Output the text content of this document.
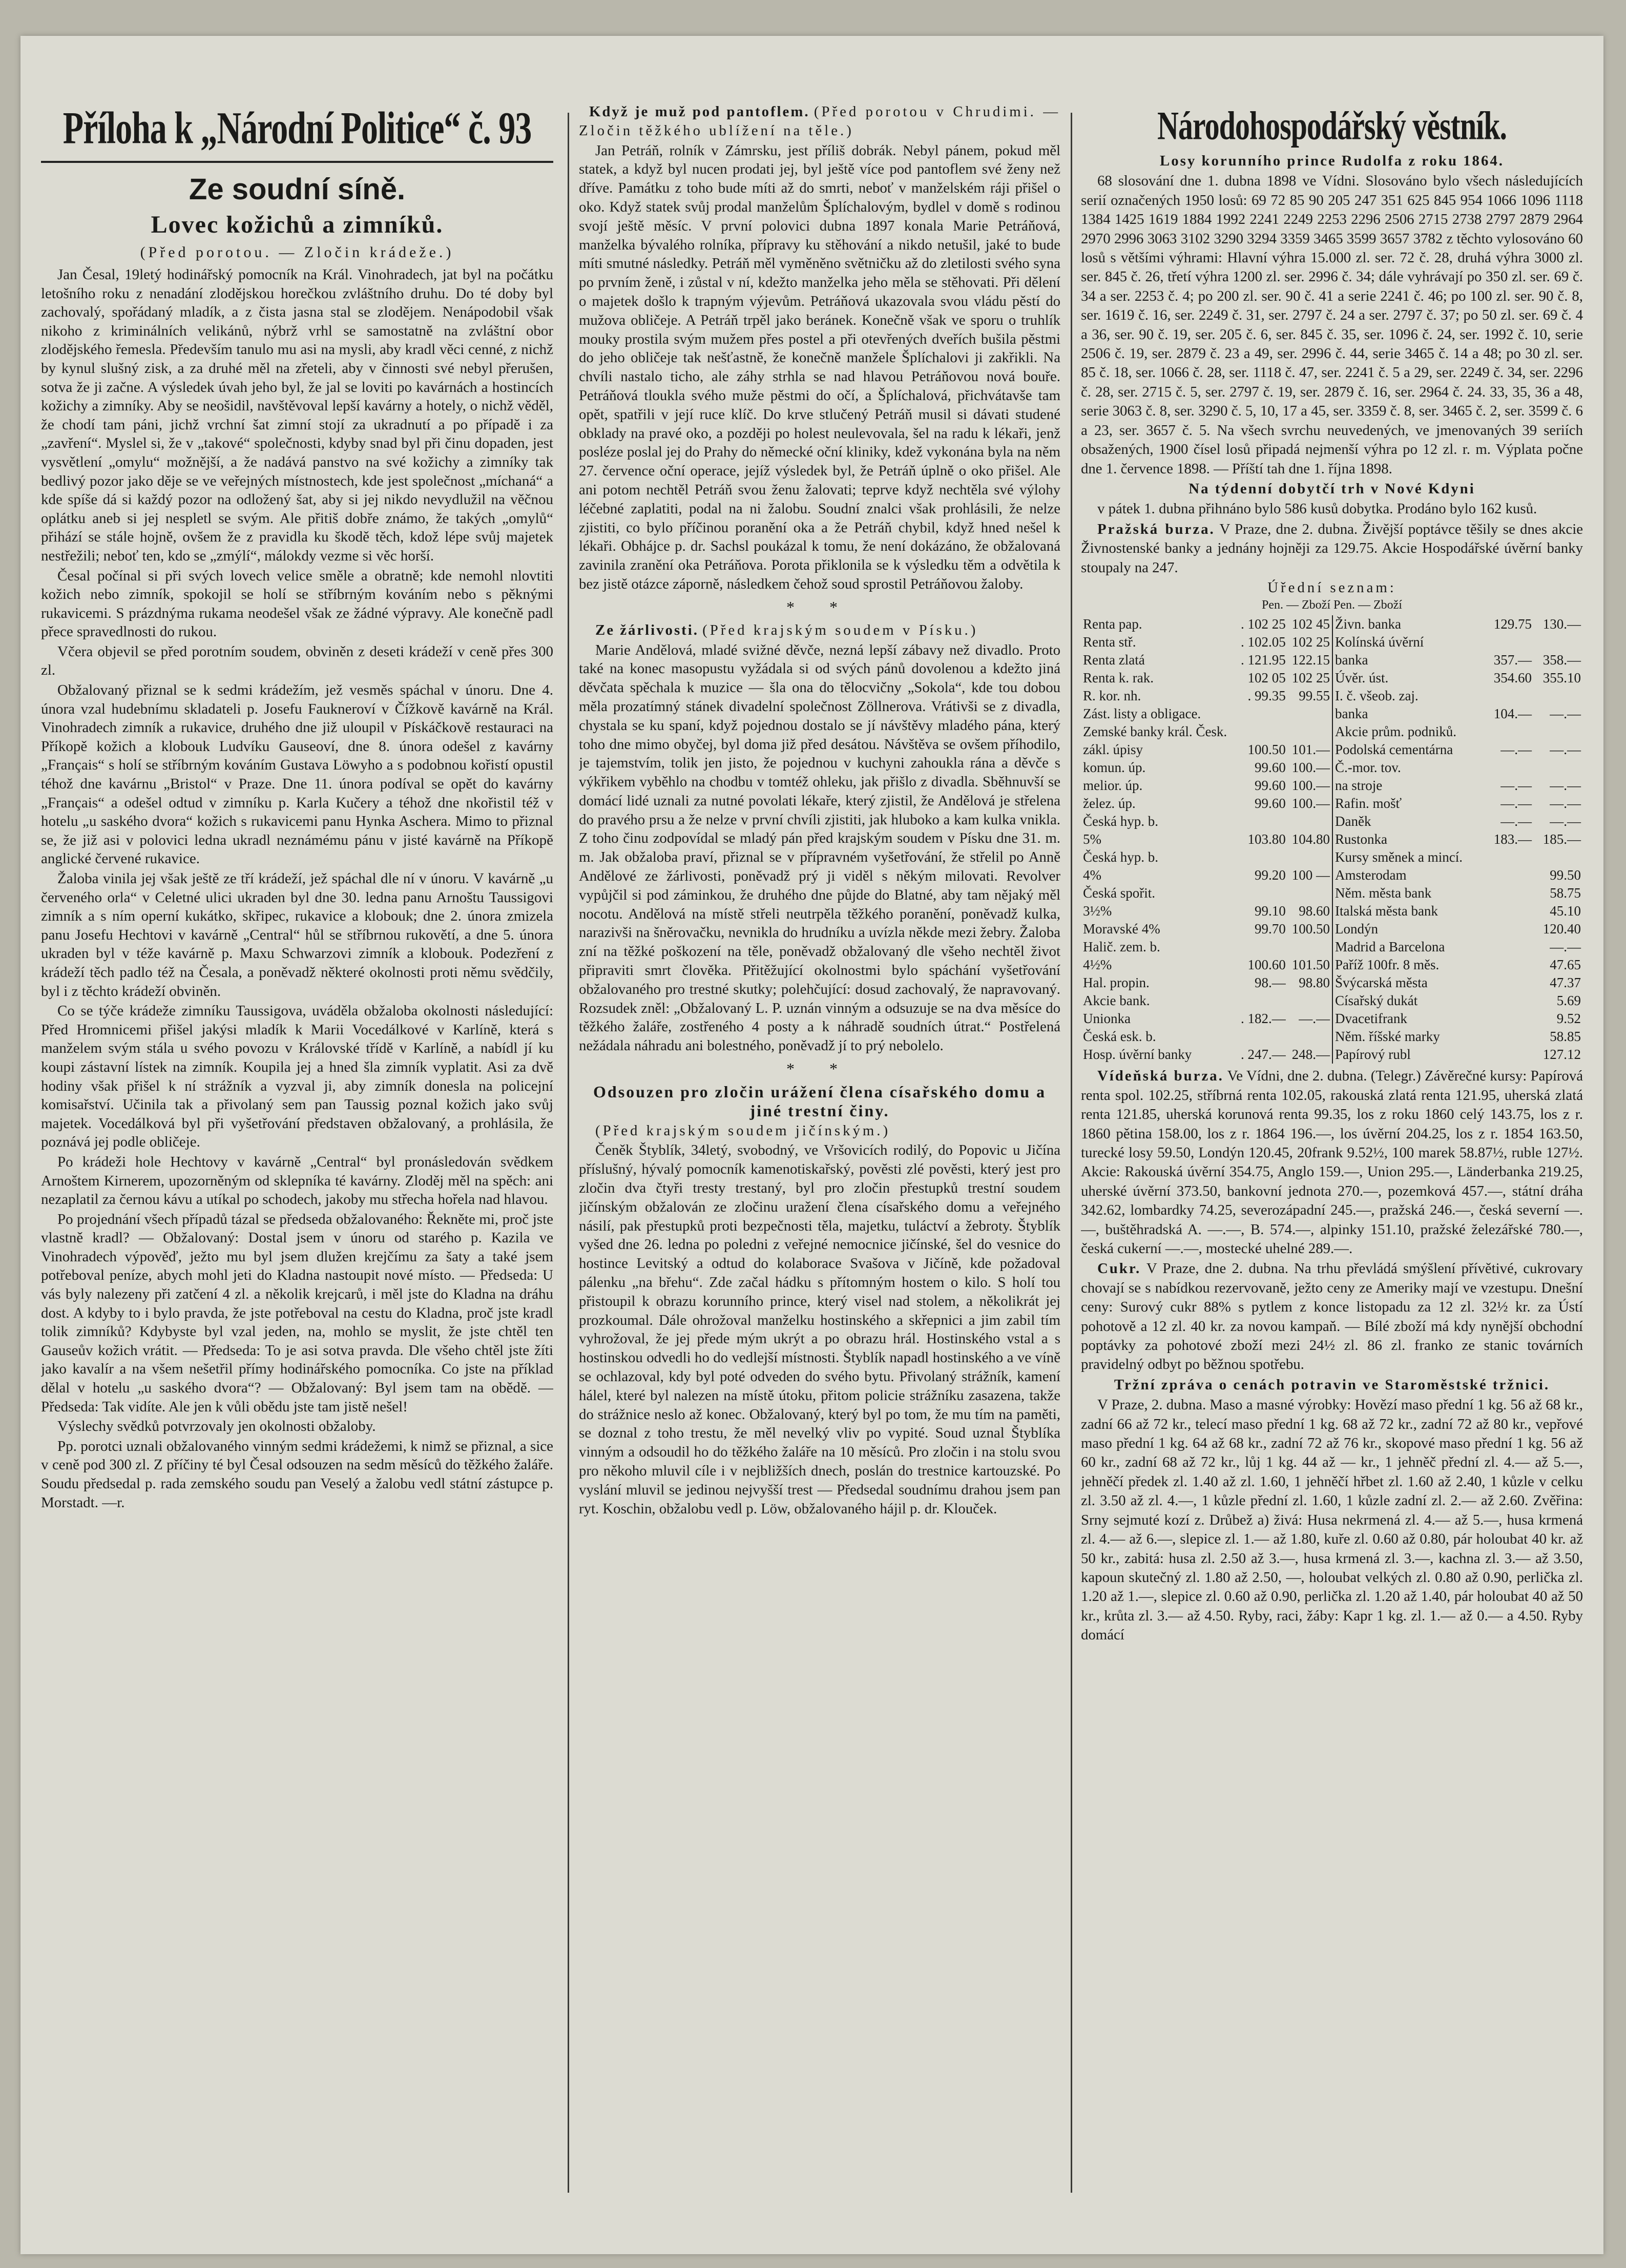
Příloha k „Národní Politice“ č. 93
Ze soudní síně.
Lovec kožichů a zimníků.
(Před porotou. — Zločin krádeže.)

Jan Česal, 19letý hodinářský pomocník na Král. Vinohradech, jat byl na počátku letošního roku z nenadání zlodějskou horečkou zvláštního druhu. Do té doby byl zachovalý, spořádaný mladík, a z čista jasna stal se zlodějem. Nenápodobil však nikoho z kriminálních velikánů, nýbrž vrhl se samostatně na zvláštní obor zlodějského řemesla. Především tanulo mu asi na mysli, aby kradl věci cenné, z nichž by kynul slušný zisk, a za druhé měl na zřeteli, aby v činnosti své nebyl přerušen, sotva že ji začne. A výsledek úvah jeho byl, že jal se loviti po kavárnách a hostincích kožichy a zimníky. Aby se neošidil, navštěvoval lepší kavárny a hotely, o nichž věděl, že chodí tam páni, jichž vrchní šat zimní stojí za ukradnutí a po případě i za „zavření“. Myslel si, že v „takové“ společnosti, kdyby snad byl při činu dopaden, jest vysvětlení „omylu“ možnější, a že nadává panstvo na své kožichy a zimníky tak bedlivý pozor jako děje se ve veřejných místnostech, kde jest společnost „míchaná“ a kde spíše dá si každý pozor na odložený šat, aby si jej nikdo nevydlužil na věčnou oplátku aneb si jej nespletl se svým. Ale přitiš dobře známo, že takých „omylů“ přihází se stále hojně, ovšem že z pravidla ku škodě těch, kdož lépe svůj majetek nestřežili; neboť ten, kdo se „zmýlí“, málokdy vezme si věc horší.

Česal počínal si při svých lovech velice směle a obratně; kde nemohl nlovtiti kožich nebo zimník, spokojil se holí se stříbrným kováním nebo s pěknými rukavicemi. S prázdnýma rukama neodešel však ze žádné výpravy. Ale konečně padl přece spravedlnosti do rukou.

Včera objevil se před porotním soudem, obviněn z deseti krádeží v ceně přes 300 zl.

Obžalovaný přiznal se k sedmi krádežím, jež vesměs spáchal v únoru. Dne 4. února vzal hudebnímu skladateli p. Josefu Faukneroví v Čížkově kavárně na Král. Vinohradech zimník a rukavice, druhého dne již uloupil v Pískáčkově restauraci na Příkopě kožich a klobouk Ludvíku Gauseoví, dne 8. února odešel z kavárny „Français“ s holí se stříbrným kováním Gustava Löwyho a s podobnou kořistí opustil téhož dne kavárnu „Bristol“ v Praze. Dne 11. února podíval se opět do kavárny „Français“ a odešel odtud v zimníku p. Karla Kučery a téhož dne nkořistil též v hotelu „u saského dvora“ kožich s rukavicemi panu Hynka Aschera. Mimo to přiznal se, že již asi v polovici ledna ukradl neznámému pánu v jisté kavárně na Příkopě anglické červené rukavice.

Žaloba vinila jej však ještě ze tří krádeží, jež spáchal dle ní v únoru. V kavárně „u červeného orla“ v Celetné ulici ukraden byl dne 30. ledna panu Arnoštu Taussigovi zimník a s ním operní kukátko, skřipec, rukavice a klobouk; dne 2. února zmizela panu Josefu Hechtovi v kavárně „Central“ hůl se stříbrnou rukovětí, a dne 5. února ukraden byl v téže kavárně p. Maxu Schwarzovi zimník a klobouk. Podezření z krádeží těch padlo též na Česala, a poněvadž některé okolnosti proti němu svědčily, byl i z těchto krádeží obviněn.

Co se týče krádeže zimníku Taussigova, uváděla obžaloba okolnosti následující: Před Hromnicemi přišel jakýsi mladík k Marii Vocedálkové v Karlíně, která s manželem svým stála u svého povozu v Královské třídě v Karlíně, a nabídl jí ku koupi zástavní lístek na zimník. Koupila jej a hned šla zimník vyplatit. Asi za dvě hodiny však přišel k ní strážník a vyzval ji, aby zimník donesla na policejní komisařství. Učinila tak a přivolaný sem pan Taussig poznal kožich jako svůj majetek. Vocedálková byl při vyšetřování představen obžalovaný, a prohlásila, že poznává jej podle obličeje.

Po krádeži hole Hechtovy v kavárně „Central“ byl pronásledován svědkem Arnoštem Kirnerem, upozorněným od sklepníka té kavárny. Zloděj měl na spěch: ani nezaplatil za černou kávu a utíkal po schodech, jakoby mu střecha hořela nad hlavou.

Po projednání všech případů tázal se předseda obžalovaného: Řekněte mi, proč jste vlastně kradl? — Obžalovaný: Dostal jsem v únoru od starého p. Kazila ve Vinohradech výpověď, ježto mu byl jsem dlužen krejčímu za šaty a také jsem potřeboval peníze, abych mohl jeti do Kladna nastoupit nové místo. — Předseda: U vás byly nalezeny při zatčení 4 zl. a několik krejcarů, i měl jste do Kladna na dráhu dost. A kdyby to i bylo pravda, že jste potřeboval na cestu do Kladna, proč jste kradl tolik zimníků? Kdybyste byl vzal jeden, na, mohlo se myslit, že jste chtěl ten Gauseův kožich vrátit. — Předseda: To je asi sotva pravda. Dle všeho chtěl jste žíti jako kavalír a na všem nešetřil přímy hodinářského pomocníka. Co jste na příklad dělal v hotelu „u saského dvora“? — Obžalovaný: Byl jsem tam na obědě. — Předseda: Tak vidíte. Ale jen k vůli obědu jste tam jistě nešel!

Výslechy svědků potvrzovaly jen okolnosti obžaloby.

Pp. porotci uznali obžalovaného vinným sedmi krádežemi, k nimž se přiznal, a sice v ceně pod 300 zl. Z příčiny té byl Česal odsouzen na sedm měsíců do těžkého žaláře. Soudu předsedal p. rada zemského soudu pan Veselý a žalobu vedl státní zástupce p. Morstadt. —r.

Když je muž pod pantoflem. (Před porotou v Chrudimi. — Zločin těžkého ublížení na těle.)

Jan Petráň, rolník v Zámrsku, jest příliš dobrák. Nebyl pánem, pokud měl statek, a když byl nucen prodati jej, byl ještě více pod pantoflem své ženy než dříve. Památku z toho bude míti až do smrti, neboť v manželském ráji přišel o oko. Když statek svůj prodal manželům Šplíchalovým, bydlel v domě s rodinou svojí ještě měsíc. V první polovici dubna 1897 konala Marie Petráňová, manželka bývalého rolníka, přípravy ku stěhování a nikdo netušil, jaké to bude míti smutné následky. Petráň měl vyměněno světničku až do zletilosti svého syna po prvním ženě, i zůstal v ní, kdežto manželka jeho měla se stěhovati. Při dělení o majetek došlo k trapným výjevům. Petráňová ukazovala svou vládu pěstí do mužova obličeje. A Petráň trpěl jako beránek. Konečně však ve sporu o truhlík mouky prostila svým mužem přes postel a při otevřených dveřích bušila pěstmi do jeho obličeje tak nešťastně, že konečně manžele Šplíchalovi ji zakřikli. Na chvíli nastalo ticho, ale záhy strhla se nad hlavou Petráňovou nová bouře. Petráňová tloukla svého muže pěstmi do očí, a Šplíchalová, přichvátavše tam opět, spatřili v její ruce klíč. Do krve stlučený Petráň musil si dávati studené obklady na pravé oko, a později po holest neulevovala, šel na radu k lékaři, jenž posléze poslal jej do Prahy do německé oční kliniky, kdež vykonána byla na něm 27. července oční operace, jejíž výsledek byl, že Petráň úplně o oko přišel. Ale ani potom nechtěl Petráň svou ženu žalovati; teprve když nechtěla své výlohy léčebné zaplatiti, podal na ni žalobu. Soudní znalci však prohlásili, že nelze zjistiti, co bylo příčinou poranění oka a že Petráň chybil, když hned nešel k lékaři. Obhájce p. dr. Sachsl poukázal k tomu, že není dokázáno, že obžalovaná zavinila zranění oka Petráňova. Porota přiklonila se k výsledku těm a odvětila k bez jistě otázce záporně, následkem čehož soud sprostil Petráňovou žaloby.

* *

Ze žárlivosti. (Před krajským soudem v Písku.)

Marie Andělová, mladé svižné děvče, nezná lepší zábavy než divadlo. Proto také na konec masopustu vyžádala si od svých pánů dovolenou a kdežto jiná děvčata spěchala k muzice — šla ona do tělocvičny „Sokola“, kde tou dobou měla prozatímný stánek divadelní společnost Zöllnerova. Vrátivši se z divadla, chystala se ku spaní, když pojednou dostalo se jí návštěvy mladého pána, který toho dne mimo obyčej, byl doma již před desátou. Návštěva se ovšem příhodilo, je tajemstvím, tolik jen jisto, že pojednou v kuchyni zahoukla rána a děvče s výkřikem vyběhlo na chodbu v tomtéž ohleku, jak přišlo z divadla. Sběhnuvší se domácí lidé uznali za nutné povolati lékaře, který zjistil, že Andělová je střelena do pravého prsu a že nelze v první chvíli zjistiti, jak hluboko a kam kulka vnikla. Z toho činu zodpovídal se mladý pán před krajským soudem v Písku dne 31. m. m. Jak obžaloba praví, přiznal se v přípravném vyšetřování, že střelil po Anně Andělové ze žárlivosti, poněvadž prý ji viděl s někým milovati. Revolver vypůjčil si pod záminkou, že druhého dne půjde do Blatné, aby tam nějaký měl nocotu. Andělová na místě střeli neutrpěla těžkého poranění, poněvadž kulka, narazivši na šněrovačku, nevnikla do hrudníku a uvízla někde mezi žebry. Žaloba zní na těžké poškození na těle, poněvadž obžalovaný dle všeho nechtěl život připraviti smrt člověka. Přitěžující okolnostmi bylo spáchání vyšetřování obžalovaného pro trestné skutky; polehčující: dosud zachovalý, že napravovaný. Rozsudek zněl: „Obžalovaný L. P. uznán vinným a odsuzuje se na dva měsíce do těžkého žaláře, zostřeného 4 posty a k náhradě soudních útrat.“ Postřelená nežádala náhradu ani bolestného, poněvadž jí to prý nebolelo.

* *

Odsouzen pro zločin urážení člena císařského domu a jiné trestní činy.

(Před krajským soudem jičínským.)

Čeněk Štyblík, 34letý, svobodný, ve Vršovicích rodilý, do Popovic u Jičína příslušný, hývalý pomocník kamenotiskařský, pověsti zlé pověsti, který jest pro zločin dva čtyři tresty trestaný, byl pro zločin přestupků trestní soudem jičínským obžalován ze zločinu uražení člena císařského domu a veřejného násilí, pak přestupků proti bezpečnosti těla, majetku, tuláctví a žebroty. Štyblík vyšed dne 26. ledna po poledni z veřejné nemocnice jičínské, šel do vesnice do hostince Levitský a odtud do kolaborace Svašova v Jičíně, kde požadoval pálenku „na břehu“. Zde začal hádku s přítomným hostem o kilo. S holí tou přistoupil k obrazu korunního prince, který visel nad stolem, a několikrát jej prozkoumal. Dále ohrožoval manželku hostinského a skřepnici a jim zabil tím vyhrožoval, že jej přede mým ukrýt a po obrazu hrál. Hostinského vstal a s hostinskou odvedli ho do vedlejší místnosti. Štyblík napadl hostinského a ve víně se ochlazoval, kdy byl poté odveden do svého bytu. Přivolaný strážník, kamení hálel, které byl nalezen na místě útoku, přitom policie strážníku zasazena, takže do strážnice neslo až konec. Obžalovaný, který byl po tom, že mu tím na paměti, se doznal z toho trestu, že měl nevelký vliv po vypité. Soud uznal Štyblíka vinným a odsoudil ho do těžkého žaláře na 10 měsíců. Pro zločin i na stolu svou pro někoho mluvil cíle i v nejbližších dnech, poslán do trestnice kartouzské. Po vyslání mluvil se jedinou nejvyšší trest — Předsedal soudnímu drahou jsem pan ryt. Koschin, obžalobu vedl p. Löw, obžalovaného hájil p. dr. Klouček.

Národohospodářský věstník.

Losy korunního prince Rudolfa z roku 1864.

68 slosování dne 1. dubna 1898 ve Vídni. Slosováno bylo všech následujících serií označených 1950 losů: 69 72 85 90 205 247 351 625 845 954 1066 1096 1118 1384 1425 1619 1884 1992 2241 2249 2253 2296 2506 2715 2738 2797 2879 2964 2970 2996 3063 3102 3290 3294 3359 3465 3599 3657 3782 z těchto vylosováno 60 losů s většími výhrami: Hlavní výhra 15.000 zl. ser. 72 č. 28, druhá výhra 3000 zl. ser. 845 č. 26, třetí výhra 1200 zl. ser. 2996 č. 34; dále vyhrávají po 350 zl. ser. 69 č. 34 a ser. 2253 č. 4; po 200 zl. ser. 90 č. 41 a serie 2241 č. 46; po 100 zl. ser. 90 č. 8, ser. 1619 č. 16, ser. 2249 č. 31, ser. 2797 č. 24 a ser. 2797 č. 37; po 50 zl. ser. 69 č. 4 a 36, ser. 90 č. 19, ser. 205 č. 6, ser. 845 č. 35, ser. 1096 č. 24, ser. 1992 č. 10, serie 2506 č. 19, ser. 2879 č. 23 a 49, ser. 2996 č. 44, serie 3465 č. 14 a 48; po 30 zl. ser. 85 č. 18, ser. 1066 č. 28, ser. 1118 č. 47, ser. 2241 č. 5 a 29, ser. 2249 č. 34, ser. 2296 č. 28, ser. 2715 č. 5, ser. 2797 č. 19, ser. 2879 č. 16, ser. 2964 č. 24. 33, 35, 36 a 48, serie 3063 č. 8, ser. 3290 č. 5, 10, 17 a 45, ser. 3359 č. 8, ser. 3465 č. 2, ser. 3599 č. 6 a 23, ser. 3657 č. 5. Na všech svrchu neuvedených, ve jmenovaných 39 seriích obsažených, 1900 čísel losů připadá nejmenší výhra po 12 zl. r. m. Výplata počne dne 1. července 1898. — Příští tah dne 1. října 1898.

Na týdenní dobytčí trh v Nové Kdyni

v pátek 1. dubna přihnáno bylo 586 kusů dobytka. Prodáno bylo 162 kusů.

Pražská burza. V Praze, dne 2. dubna. Živější poptávce těšily se dnes akcie Živnostenské banky a jednány hojněji za 129.75. Akcie Hospodářské úvěrní banky stoupaly na 247.

Úřední seznam:

Pen. — Zboží Pen. — Zboží
Renta pap.	. 102 25	102 45
Renta stř.	. 102.05	102 25
Renta zlatá	. 121.95	122.15
Renta k. rak.	102 05	102 25
R. kor. nh.	. 99.35	99.55
Zást. listy a obligace.		
Zemské banky král. Česk.		
zákl. úpisy	100.50	101.—
komun. úp.	99.60	100.—
melior. úp.	99.60	100.—
želez. úp.	99.60	100.—
Česká hyp. b.		
5%	103.80	104.80
Česká hyp. b.		
4%	99.20	100 —
Česká spořit.		
3½%	99.10	98.60
Moravské 4%	99.70	100.50
Halič. zem. b.		
4½%	100.60	101.50
Hal. propin.	98.—	98.80
Akcie bank.		
Unionka	. 182.—	—.—
Česká esk. b.		
Hosp. úvěrní banky	. 247.—	248.—
Živn. banka	129.75	130.—
Kolínská úvěrní		
banka	357.—	358.—
Úvěr. úst.	354.60	355.10
I. č. všeob. zaj.		
banka	104.—	—.—
Akcie prům. podniků.		
Podolská cementárna	—.—	—.—
Č.-mor. tov.		
na stroje	—.—	—.—
Rafin. mošť	—.—	—.—
Daněk	—.—	—.—
Rustonka	183.—	185.—
Kursy směnek a mincí.		
Amsterodam		99.50
Něm. města bank		58.75
Italská města bank		45.10
Londýn		120.40
Madrid a Barcelona		—.—
Paříž 100fr. 8 měs.		47.65
Švýcarská města		47.37
Císařský dukát		5.69
Dvacetifrank		9.52
Něm. říšské marky		58.85
Papírový rubl		127.12

Vídeňská burza. Ve Vídni, dne 2. dubna. (Telegr.) Závěrečné kursy: Papírová renta spol. 102.25, stříbrná renta 102.05, rakouská zlatá renta 121.95, uherská zlatá renta 121.85, uherská korunová renta 99.35, los z roku 1860 celý 143.75, los z r. 1860 pětina 158.00, los z r. 1864 196.—, los úvěrní 204.25, los z r. 1854 163.50, turecké losy 59.50, Londýn 120.45, 20frank 9.52½, 100 marek 58.87½, ruble 127½. Akcie: Rakouská úvěrní 354.75, Anglo 159.—, Union 295.—, Länderbanka 219.25, uherské úvěrní 373.50, bankovní jednota 270.—, pozemková 457.—, státní dráha 342.62, lombardky 74.25, severozápadní 245.—, pražská 246.—, česká severní —.—, buštěhradská A. —.—, B. 574.—, alpinky 151.10, pražské železářské 780.—, česká cukerní —.—, mostecké uhelné 289.—.

Cukr. V Praze, dne 2. dubna. Na trhu převládá smýšlení přívětivé, cukrovary chovají se s nabídkou rezervovaně, ježto ceny ze Ameriky mají ve vzestupu. Dnešní ceny: Surový cukr 88% s pytlem z konce listopadu za 12 zl. 32½ kr. za Ústí pohotově a 12 zl. 40 kr. za novou kampaň. — Bílé zboží má kdy nynější obchodní poptávky za pohotové zboží mezi 24½ zl. 86 zl. franko ze stanic továrních pravidelný odbyt po běžnou spotřebu.

Tržní zpráva o cenách potravin ve Staroměstské tržnici.

V Praze, 2. dubna. Maso a masné výrobky: Hovězí maso přední 1 kg. 56 až 68 kr., zadní 66 až 72 kr., telecí maso přední 1 kg. 68 až 72 kr., zadní 72 až 80 kr., vepřové maso přední 1 kg. 64 až 68 kr., zadní 72 až 76 kr., skopové maso přední 1 kg. 56 až 60 kr., zadní 68 až 72 kr., lůj 1 kg. 44 až — kr., 1 jehněč přední zl. 4.— až 5.—, jehněčí předek zl. 1.40 až zl. 1.60, 1 jehněčí hřbet zl. 1.60 až 2.40, 1 kůzle v celku zl. 3.50 až zl. 4.—, 1 kůzle přední zl. 1.60, 1 kůzle zadní zl. 2.— až 2.60. Zvěřina: Srny sejmuté kozí z. Drůbež a) živá: Husa nekrmená zl. 4.— až 5.—, husa krmená zl. 4.— až 6.—, slepice zl. 1.— až 1.80, kuře zl. 0.60 až 0.80, pár holoubat 40 kr. až 50 kr., zabitá: husa zl. 2.50 až 3.—, husa krmená zl. 3.—, kachna zl. 3.— až 3.50, kapoun skutečný zl. 1.80 až 2.50, —, holoubat velkých zl. 0.80 až 0.90, perlička zl. 1.20 až 1.—, slepice zl. 0.60 až 0.90, perlička zl. 1.20 až 1.40, pár holoubat 40 až 50 kr., krůta zl. 3.— až 4.50. Ryby, raci, žáby: Kapr 1 kg. zl. 1.— až 0.— a 4.50. Ryby domácí
